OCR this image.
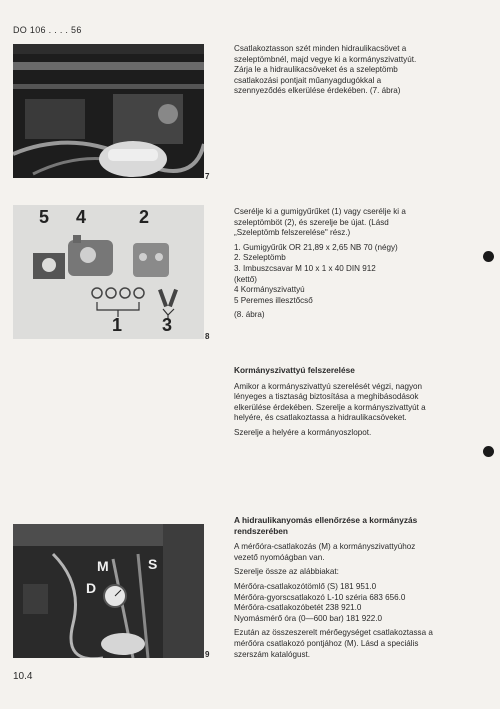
DO 106 . . . . 56
7

Csatlakoztasson szét minden hidraulikacsövet a szeleptömbnél, majd vegye ki a kormányszivattyút. Zárja le a hidraulikacsöveket és a szeleptömb csatlakozási pontjait műanyagdugókkal a szennyeződés elkerülése érdekében. (7. ábra)

5 4	2
1 3
8

Cserélje ki a gumigyűrűket (1) vagy cserélje ki a szeleptömböt (2), és szerelje be újat. (Lásd „Szeleptömb felszerelése" rész.)

1. Gumigyűrűk OR 21,89 x 2,65 NB 70 (négy)
2. Szeleptömb
3. Imbuszcsavar M 10 x 1 x 40 DIN 912
(kettő)
4 Kormányszivattyú
5 Peremes illesztőcső

(8. ábra)

Kormányszivattyú felszerelése

Amikor a kormányszivattyú szerelését végzi, nagyon lényeges a tisztaság biztosítása a meghibásodások elkerülése érdekében. Szerelje a kormányszivattyút a helyére, és csatlakoztassa a hidraulikacsöveket.

Szerelje a helyére a kormányoszlopot.

M	S
D
9
A hidraulikanyomás ellenőrzése a kormányzás rendszerében

A mérőóra-csatlakozás (M) a kormányszivattyúhoz vezető nyomóágban van.

Szerelje össze az alábbiakat:

Mérőóra-csatlakozótömlő (S) 181 951.0
Mérőóra-gyorscsatlakozó L-10 széria 683 656.0
Mérőóra-csatlakozóbetét 238 921.0
Nyomásmérő óra (0—600 bar) 181 922.0

Ezután az összeszerelt mérőegységet csatlakoztassa a mérőóra csatlakozó pontjához (M). Lásd a speciális szerszám katalógust.

10.4
